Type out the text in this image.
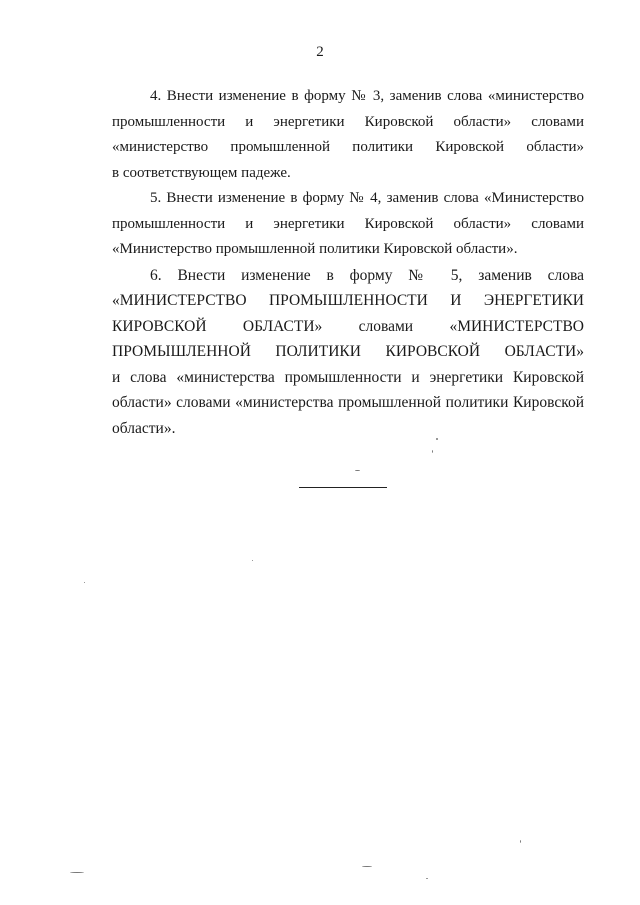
2

4. Внести изменение в форму № 3, заменив слова «министерство
промышленности и энергетики Кировской области» словами
«министерство промышленной политики Кировской области»
в соответствующем падеже.

5. Внести изменение в форму № 4, заменив слова «Министерство
промышленности и энергетики Кировской области» словами
«Министерство промышленной политики Кировской области».

6. Внести изменение в форму № 5, заменив слова
«МИНИСТЕРСТВО ПРОМЫШЛЕННОСТИ И ЭНЕРГЕТИКИ
КИРОВСКОЙ ОБЛАСТИ» словами «МИНИСТЕРСТВО
ПРОМЫШЛЕННОЙ ПОЛИТИКИ КИРОВСКОЙ ОБЛАСТИ»
и слова «министерства промышленности и энергетики Кировской
области» словами «министерства промышленной политики Кировской
области».
